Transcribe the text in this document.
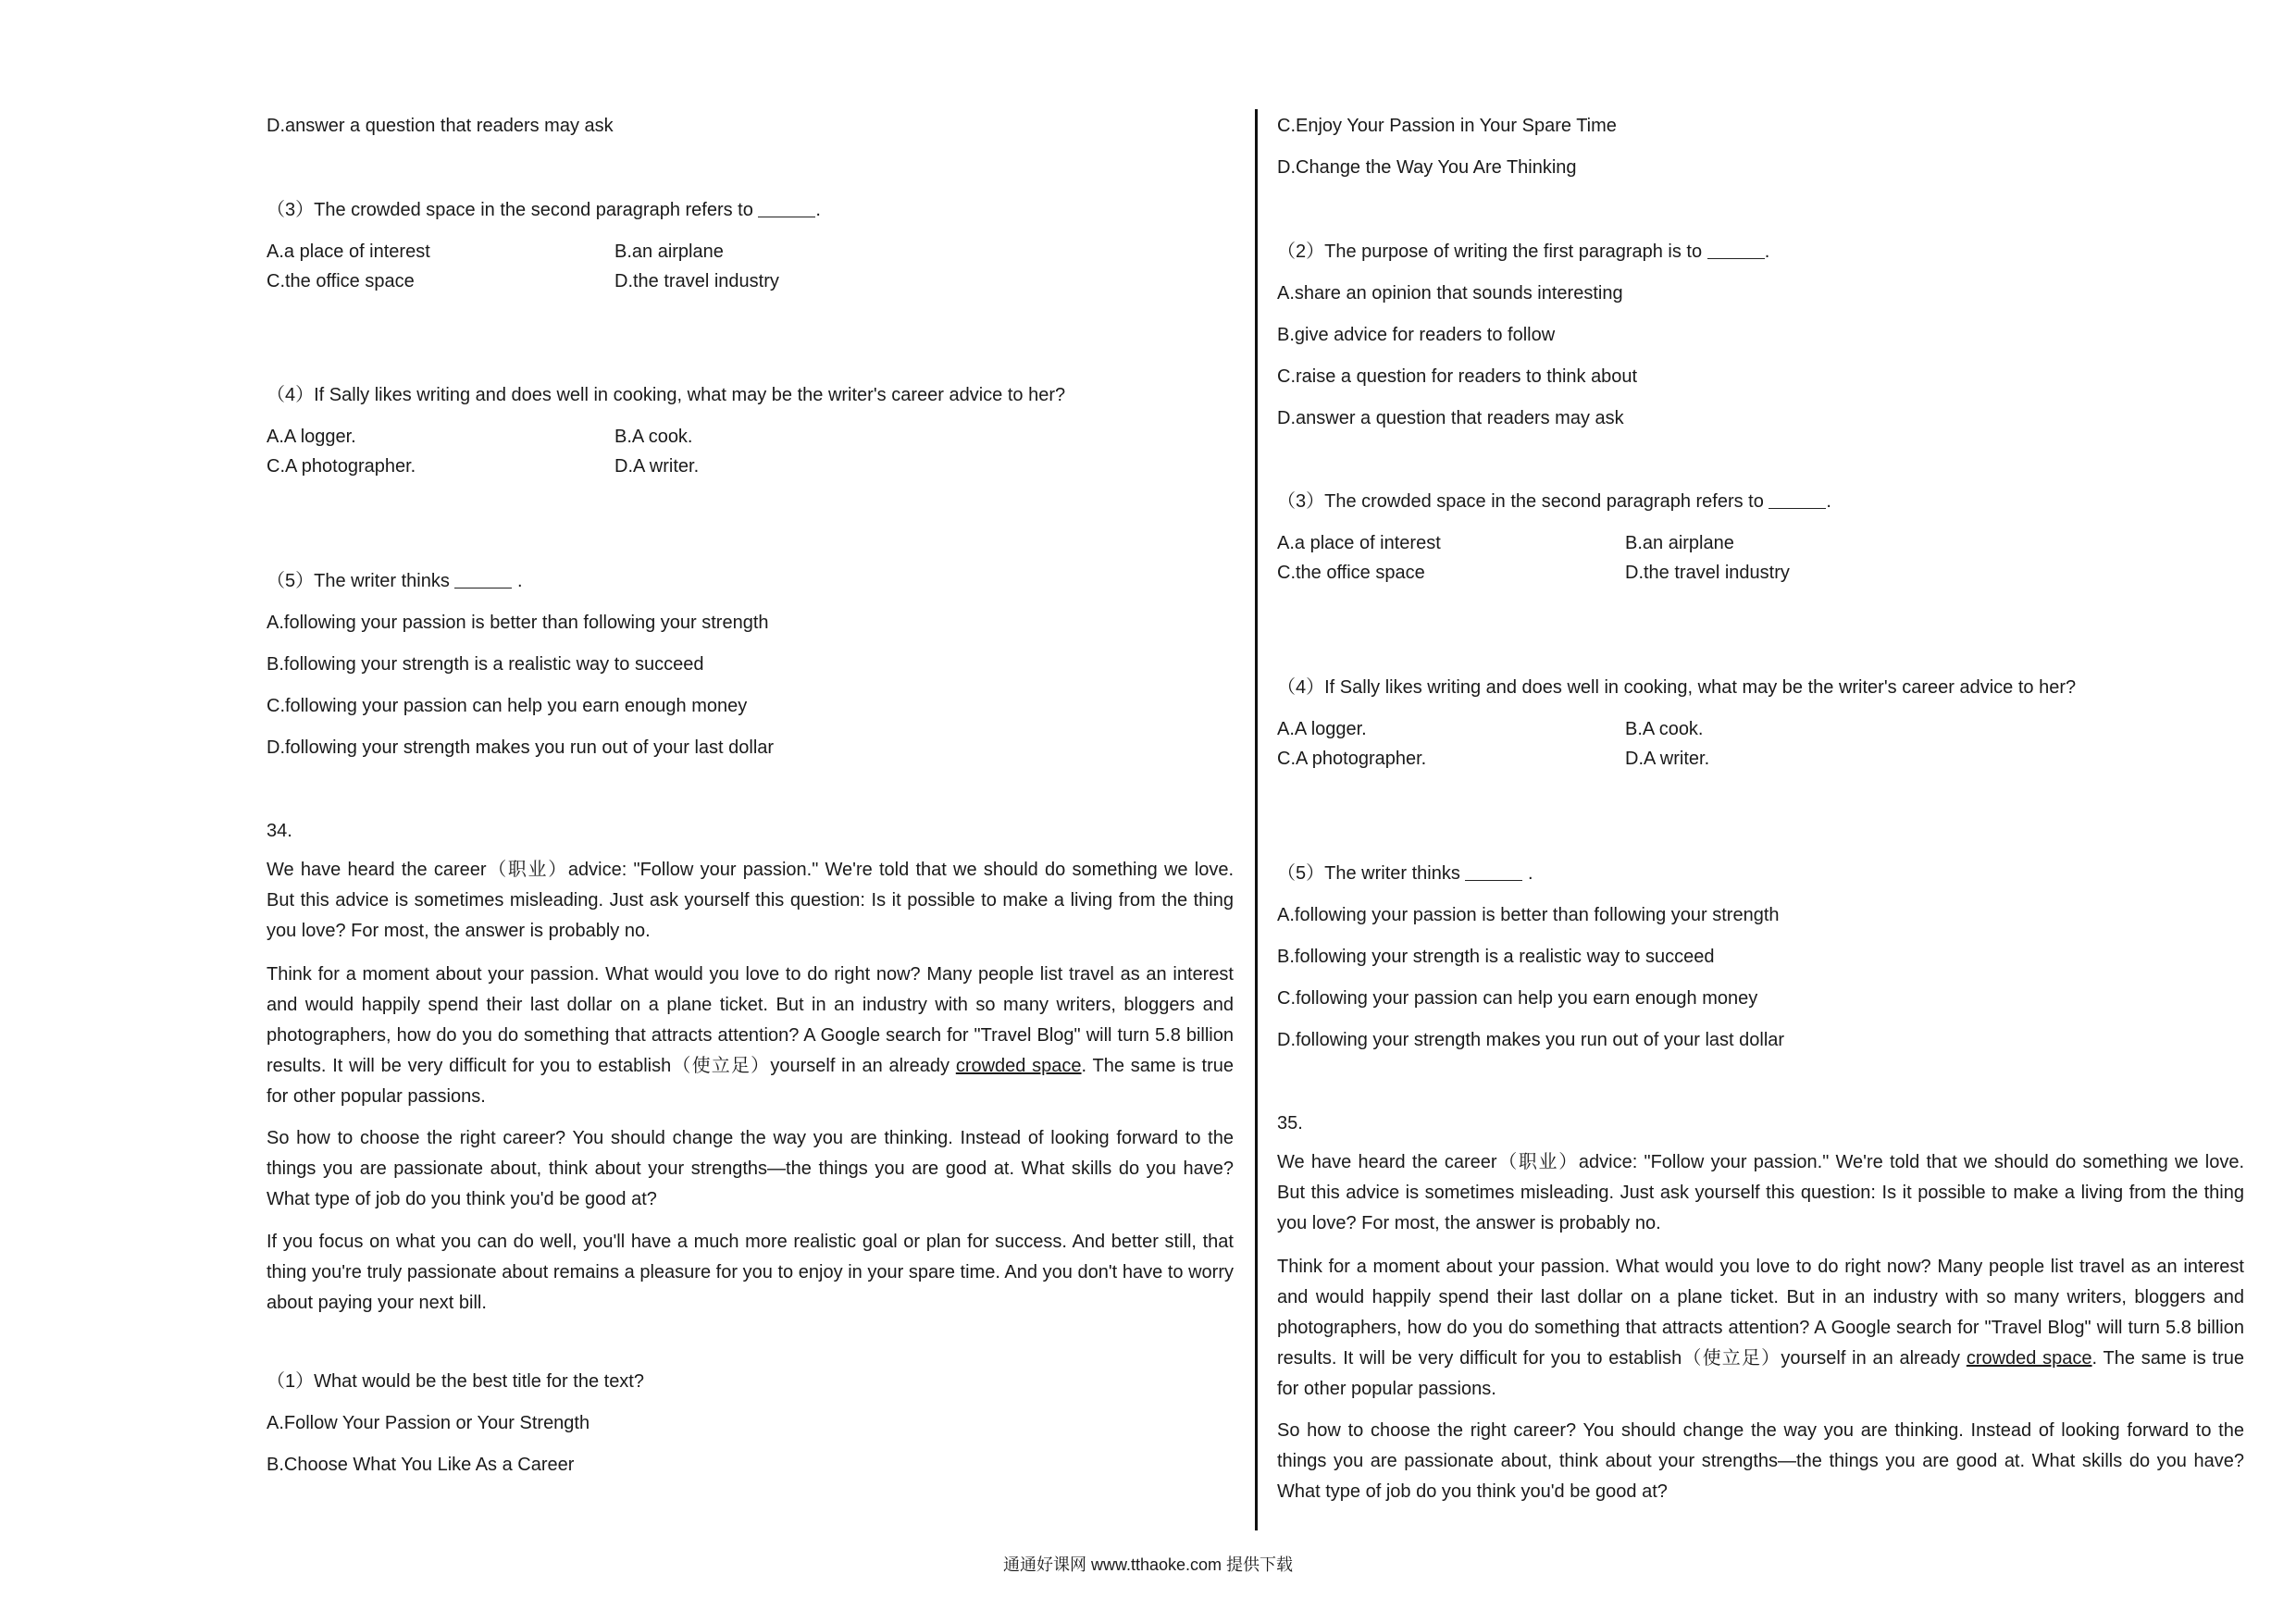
D.answer a question that readers may ask
（3）The crowded space in the second paragraph refers to	.
A.a place of interest	B.an airplane
C.the office space	D.the travel industry
（4）If Sally likes writing and does well in cooking, what may be the writer's career advice to her?
A.A logger.	B.A cook.
C.A photographer.	D.A writer.
（5）The writer thinks	.
A.following your passion is better than following your strength
B.following your strength is a realistic way to succeed
C.following your passion can help you earn enough money
D.following your strength makes you run out of your last dollar
34.
We have heard the career（职业）advice: "Follow your passion." We're told that we should do something we love. But this advice is sometimes misleading. Just ask yourself this question: Is it possible to make a living from the thing you love? For most, the answer is probably no.
Think for a moment about your passion. What would you love to do right now? Many people list travel as an interest and would happily spend their last dollar on a plane ticket. But in an industry with so many writers, bloggers and photographers, how do you do something that attracts attention? A Google search for "Travel Blog" will turn 5.8 billion results. It will be very difficult for you to establish（使立足）yourself in an already crowded space. The same is true for other popular passions.
So how to choose the right career? You should change the way you are thinking. Instead of looking forward to the things you are passionate about, think about your strengths—the things you are good at. What skills do you have? What type of job do you think you'd be good at?
If you focus on what you can do well, you'll have a much more realistic goal or plan for success. And better still, that thing you're truly passionate about remains a pleasure for you to enjoy in your spare time. And you don't have to worry about paying your next bill.
（1）What would be the best title for the text?
A.Follow Your Passion or Your Strength
B.Choose What You Like As a Career
C.Enjoy Your Passion in Your Spare Time
D.Change the Way You Are Thinking
（2）The purpose of writing the first paragraph is to	.
A.share an opinion that sounds interesting
B.give advice for readers to follow
C.raise a question for readers to think about
D.answer a question that readers may ask
（3）The crowded space in the second paragraph refers to	.
A.a place of interest	B.an airplane
C.the office space	D.the travel industry
（4）If Sally likes writing and does well in cooking, what may be the writer's career advice to her?
A.A logger.	B.A cook.
C.A photographer.	D.A writer.
（5）The writer thinks	.
A.following your passion is better than following your strength
B.following your strength is a realistic way to succeed
C.following your passion can help you earn enough money
D.following your strength makes you run out of your last dollar
35.
We have heard the career（职业）advice: "Follow your passion." We're told that we should do something we love. But this advice is sometimes misleading. Just ask yourself this question: Is it possible to make a living from the thing you love? For most, the answer is probably no.
Think for a moment about your passion. What would you love to do right now? Many people list travel as an interest and would happily spend their last dollar on a plane ticket. But in an industry with so many writers, bloggers and photographers, how do you do something that attracts attention? A Google search for "Travel Blog" will turn 5.8 billion results. It will be very difficult for you to establish（使立足）yourself in an already crowded space. The same is true for other popular passions.
So how to choose the right career? You should change the way you are thinking. Instead of looking forward to the things you are passionate about, think about your strengths—the things you are good at. What skills do you have? What type of job do you think you'd be good at?
通通好课网 www.tthaoke.com 提供下载
